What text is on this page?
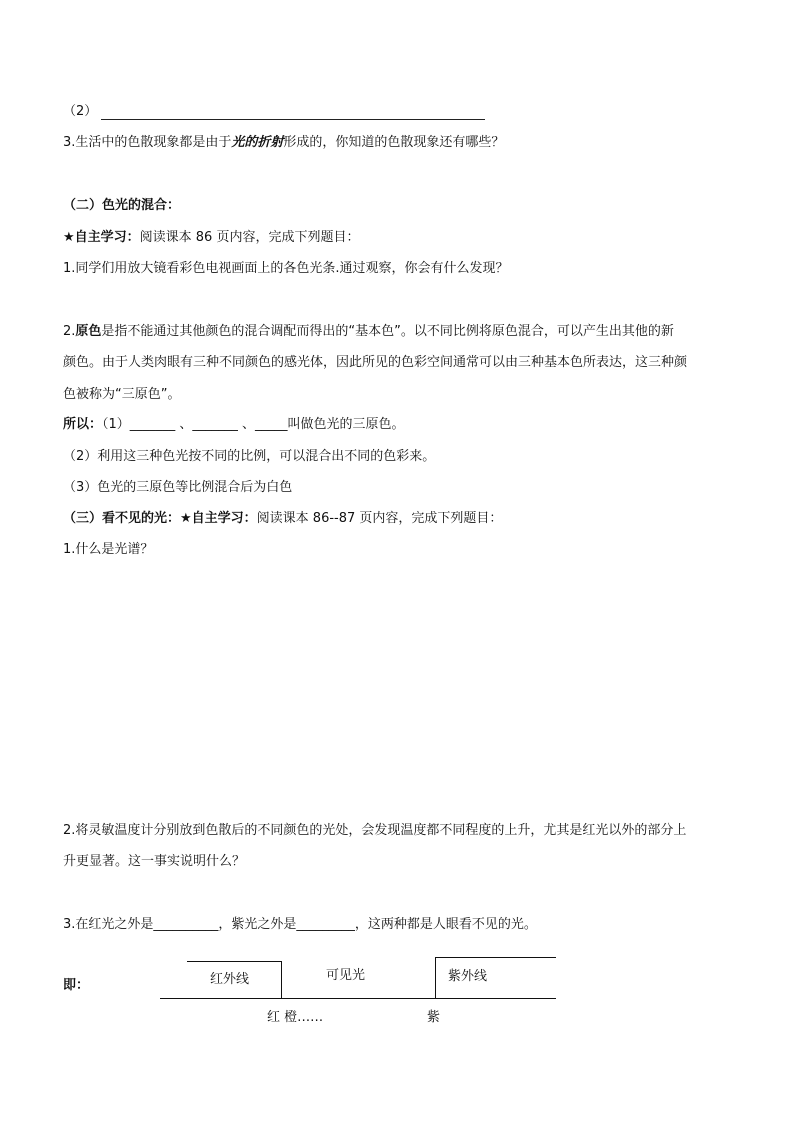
（2）
3.生活中的色散现象都是由于光的折射形成的，你知道的色散现象还有哪些？
（二）色光的混合：
★自主学习：阅读课本 86 页内容，完成下列题目：
1.同学们用放大镜看彩色电视画面上的各色光条.通过观察，你会有什么发现？
2.原色是指不能通过其他颜色的混合调配而得出的“基本色”。以不同比例将原色混合，可以产生出其他的新
颜色。由于人类肉眼有三种不同颜色的感光体，因此所见的色彩空间通常可以由三种基本色所表达，这三种颜
色被称为“三原色”。
所以：（1）_______ 、_______ 、_____叫做色光的三原色。
（2）利用这三种色光按不同的比例，可以混合出不同的色彩来。
（3）色光的三原色等比例混合后为白色
（三）看不见的光：★自主学习：阅读课本 86--87 页内容，完成下列题目：
1.什么是光谱？
2.将灵敏温度计分别放到色散后的不同颜色的光处，会发现温度都不同程度的上升，尤其是红光以外的部分上
升更显著。这一事实说明什么？
3.在红光之外是__________，紫光之外是_________，这两种都是人眼看不见的光。
即：	红外线	可见光	紫外线
红 橙……	紫
